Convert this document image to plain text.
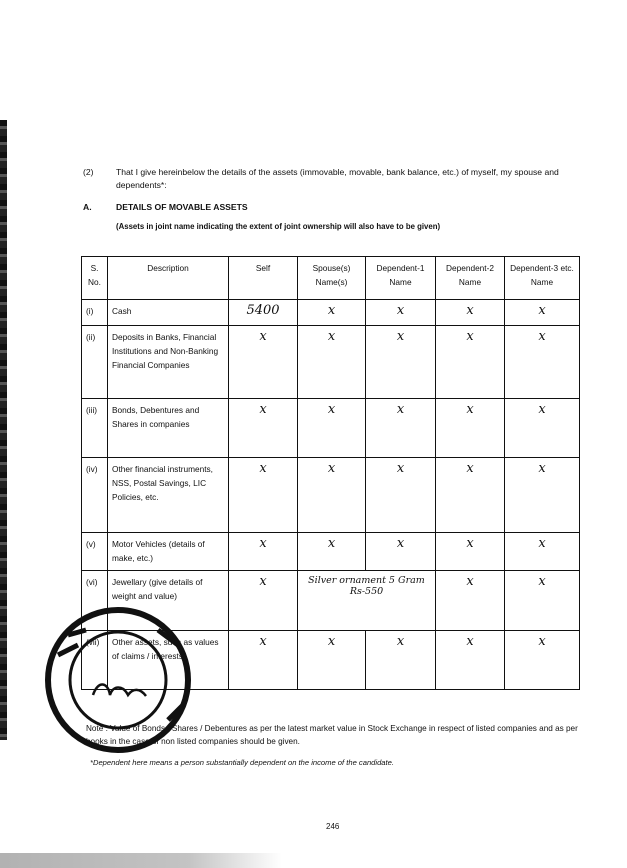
(2)	That I give hereinbelow the details of the assets (immovable, movable, bank balance, etc.) of myself, my spouse and dependents*:
A.	DETAILS OF MOVABLE ASSETS
(Assets in joint name indicating the extent of joint ownership will also have to be given)
S. No.	Description	Self	Spouse(s) Name(s)	Dependent-1 Name	Dependent-2 Name	Dependent-3 etc. Name
(i)	Cash	5400	x	x	x	x
(ii)	Deposits in Banks, Financial Institutions and Non-Banking Financial Companies	x	x	x	x	x
(iii)	Bonds, Debentures and Shares in companies	x	x	x	x	x
(iv)	Other financial instruments, NSS, Postal Savings, LIC Policies, etc.	x	x	x	x	x
(v)	Motor Vehicles (details of make, etc.)	x	x	x	x	x
(vi)	Jewellary (give details of weight and value)	x	Silver ornament 5 Gram Rs-550		x	x
(vii)	Other assets, such as values of claims / interests	x	x	x	x	x
Note : Value of Bonds / Shares / Debentures as per the latest market value in Stock Exchange in respect of listed companies and as per books in the case of non listed companies should be given.
*Dependent here means a person substantially dependent on the income of the candidate.
246
